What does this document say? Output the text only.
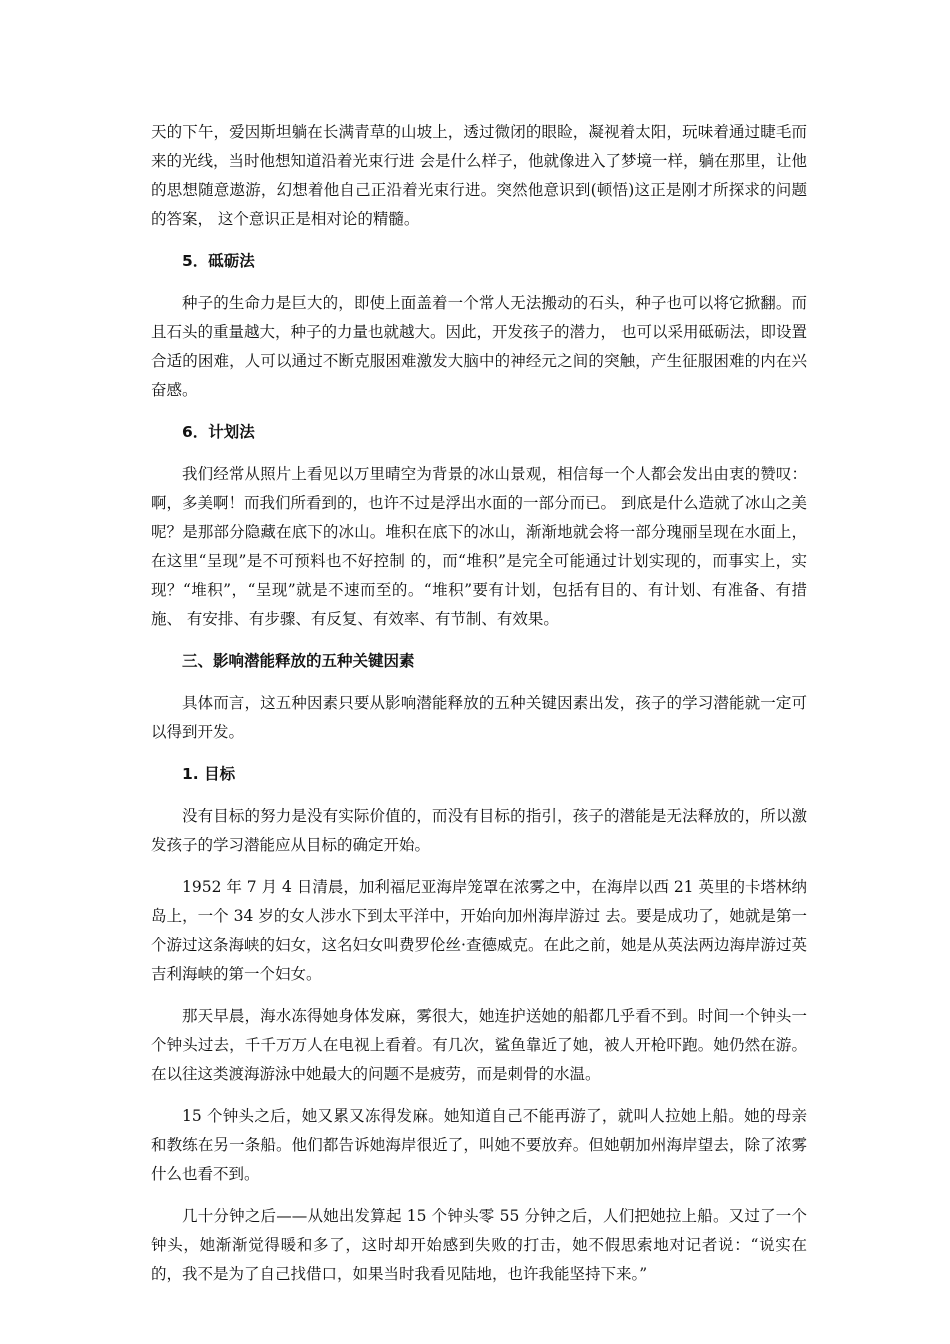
天的下午，爱因斯坦躺在长满青草的山坡上，透过微闭的眼睑，凝视着太阳，玩味着通过睫毛而来的光线，当时他想知道沿着光束行进 会是什么样子，他就像进入了梦境一样，躺在那里，让他的思想随意遨游，幻想着他自己正沿着光束行进。突然他意识到(顿悟)这正是刚才所探求的问题的答案， 这个意识正是相对论的精髓。

5．砥砺法

种子的生命力是巨大的，即使上面盖着一个常人无法搬动的石头，种子也可以将它掀翻。而且石头的重量越大，种子的力量也就越大。因此，开发孩子的潜力， 也可以采用砥砺法，即设置合适的困难，人可以通过不断克服困难激发大脑中的神经元之间的突触，产生征服困难的内在兴奋感。

6．计划法

我们经常从照片上看见以万里晴空为背景的冰山景观，相信每一个人都会发出由衷的赞叹：啊，多美啊！而我们所看到的，也许不过是浮出水面的一部分而已。 到底是什么造就了冰山之美呢？是那部分隐藏在底下的冰山。堆积在底下的冰山，渐渐地就会将一部分瑰丽呈现在水面上，在这里“呈现”是不可预料也不好控制 的，而“堆积”是完全可能通过计划实现的，而事实上，实现？“堆积”，“呈现”就是不速而至的。“堆积”要有计划，包括有目的、有计划、有准备、有措施、 有安排、有步骤、有反复、有效率、有节制、有效果。

三、影响潜能释放的五种关键因素

具体而言，这五种因素只要从影响潜能释放的五种关键因素出发，孩子的学习潜能就一定可以得到开发。

1. 目标

没有目标的努力是没有实际价值的，而没有目标的指引，孩子的潜能是无法释放的，所以激发孩子的学习潜能应从目标的确定开始。

1952 年 7 月 4 日清晨，加利福尼亚海岸笼罩在浓雾之中，在海岸以西 21 英里的卡塔林纳岛上，一个 34 岁的女人涉水下到太平洋中，开始向加州海岸游过 去。要是成功了，她就是第一个游过这条海峡的妇女，这名妇女叫费罗伦丝·查德威克。在此之前，她是从英法两边海岸游过英吉利海峡的第一个妇女。

那天早晨，海水冻得她身体发麻，雾很大，她连护送她的船都几乎看不到。时间一个钟头一个钟头过去，千千万万人在电视上看着。有几次，鲨鱼靠近了她，被人开枪吓跑。她仍然在游。在以往这类渡海游泳中她最大的问题不是疲劳，而是刺骨的水温。

15 个钟头之后，她又累又冻得发麻。她知道自己不能再游了，就叫人拉她上船。她的母亲和教练在另一条船。他们都告诉她海岸很近了，叫她不要放弃。但她朝加州海岸望去，除了浓雾什么也看不到。

几十分钟之后——从她出发算起 15 个钟头零 55 分钟之后，人们把她拉上船。又过了一个钟头，她渐渐觉得暖和多了，这时却开始感到失败的打击，她不假思索地对记者说：“说实在的，我不是为了自己找借口，如果当时我看见陆地，也许我能坚持下来。”
